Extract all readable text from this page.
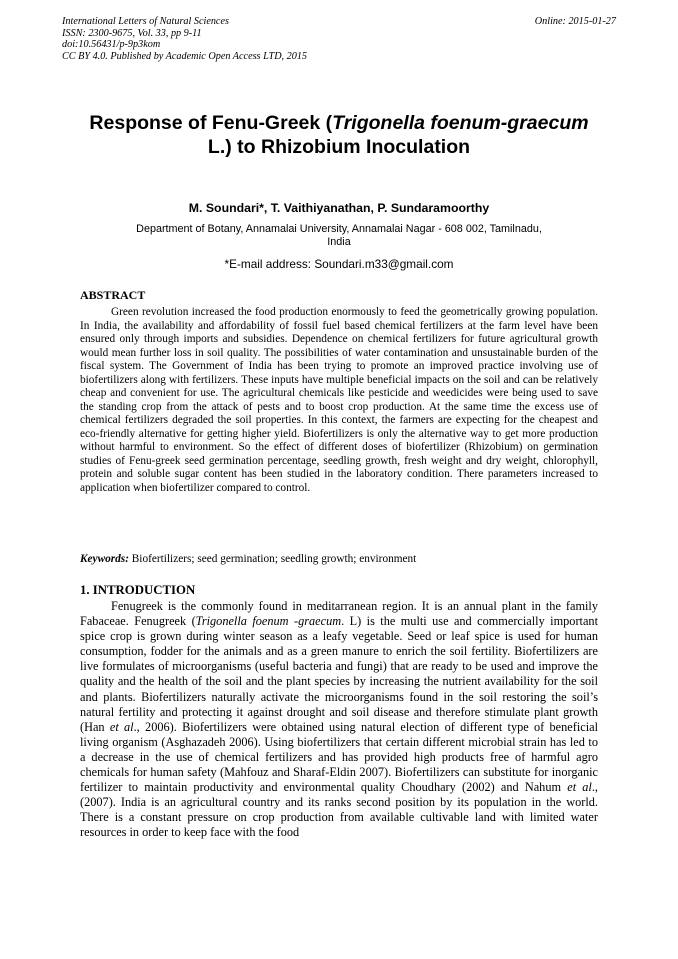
International Letters of Natural Sciences
ISSN: 2300-9675, Vol. 33, pp 9-11
doi:10.56431/p-9p3kom
CC BY 4.0. Published by Academic Open Access LTD, 2015
Online: 2015-01-27
Response of Fenu-Greek (Trigonella foenum-graecum L.) to Rhizobium Inoculation
M. Soundari*, T. Vaithiyanathan, P. Sundaramoorthy
Department of Botany, Annamalai University, Annamalai Nagar - 608 002, Tamilnadu, India
*E-mail address: Soundari.m33@gmail.com
ABSTRACT

Green revolution increased the food production enormously to feed the geometrically growing population. In India, the availability and affordability of fossil fuel based chemical fertilizers at the farm level have been ensured only through imports and subsidies. Dependence on chemical fertilizers for future agricultural growth would mean further loss in soil quality. The possibilities of water contamination and unsustainable burden of the fiscal system. The Government of India has been trying to promote an improved practice involving use of biofertilizers along with fertilizers. These inputs have multiple beneficial impacts on the soil and can be relatively cheap and convenient for use. The agricultural chemicals like pesticide and weedicides were being used to save the standing crop from the attack of pests and to boost crop production. At the same time the excess use of chemical fertilizers degraded the soil properties. In this context, the farmers are expecting for the cheapest and eco-friendly alternative for getting higher yield. Biofertilizers is only the alternative way to get more production without harmful to environment. So the effect of different doses of biofertilizer (Rhizobium) on germination studies of Fenu-greek seed germination percentage, seedling growth, fresh weight and dry weight, chlorophyll, protein and soluble sugar content has been studied in the laboratory condition. There parameters increased to application when biofertilizer compared to control.

Keywords: Biofertilizers; seed germination; seedling growth; environment

1. INTRODUCTION

Fenugreek is the commonly found in meditarranean region. It is an annual plant in the family Fabaceae. Fenugreek (Trigonella foenum -graecum. L) is the multi use and commercially important spice crop is grown during winter season as a leafy vegetable. Seed or leaf spice is used for human consumption, fodder for the animals and as a green manure to enrich the soil fertility. Biofertilizers are live formulates of microorganisms (useful bacteria and fungi) that are ready to be used and improve the quality and the health of the soil and the plant species by increasing the nutrient availability for the soil and plants. Biofertilizers naturally activate the microorganisms found in the soil restoring the soil’s natural fertility and protecting it against drought and soil disease and therefore stimulate plant growth (Han et al., 2006). Biofertilizers were obtained using natural election of different type of beneficial living organism (Asghazadeh 2006). Using biofertilizers that certain different microbial strain has led to a decrease in the use of chemical fertilizers and has provided high products free of harmful agro chemicals for human safety (Mahfouz and Sharaf-Eldin 2007). Biofertilizers can substitute for inorganic fertilizer to maintain productivity and environmental quality Choudhary (2002) and Nahum et al., (2007). India is an agricultural country and its ranks second position by its population in the world. There is a constant pressure on crop production from available cultivable land with limited water resources in order to keep face with the food
